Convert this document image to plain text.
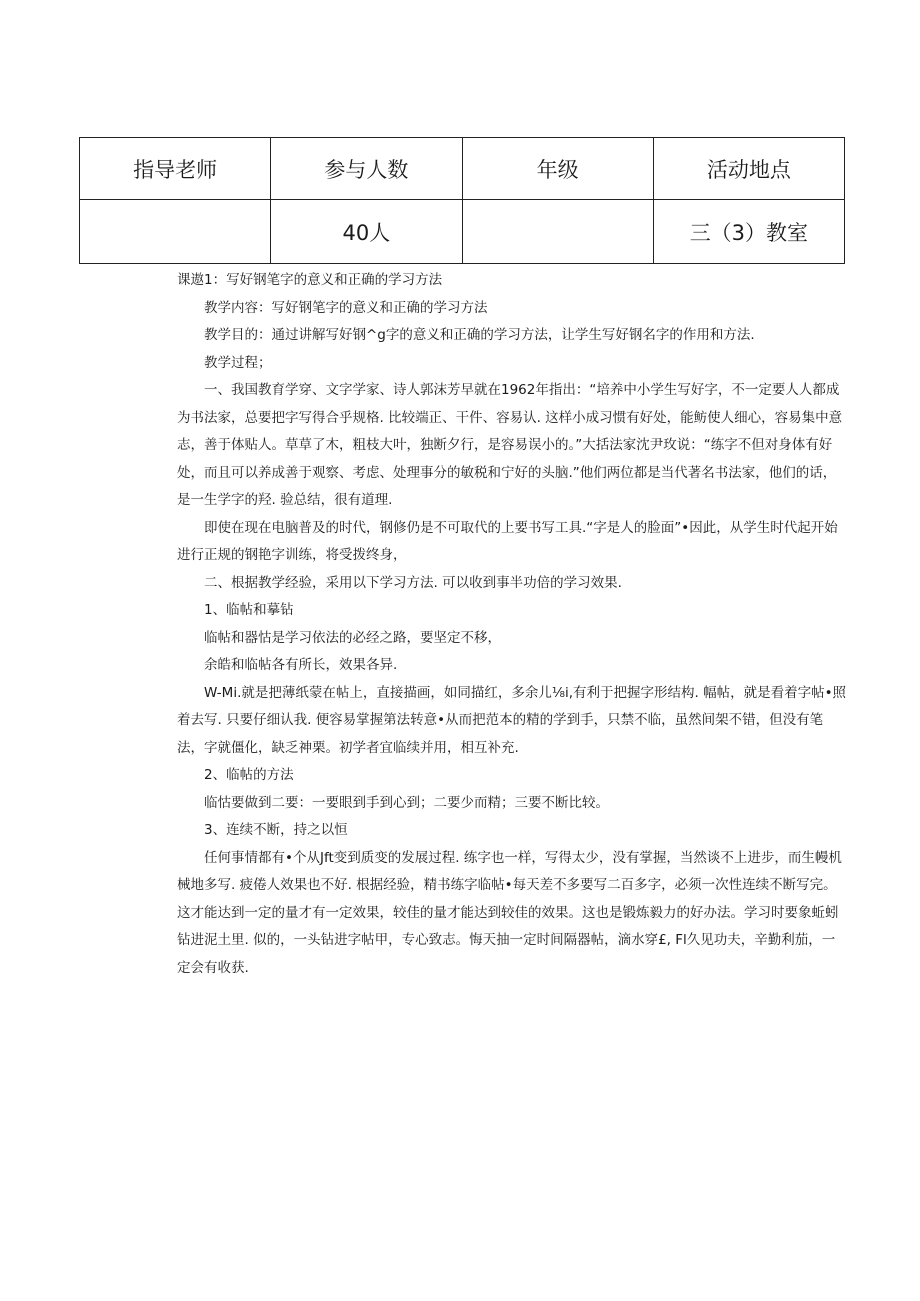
指导老师	参与人数	年级	活动地点
	40人		三（3）教室

课遨1：写好钢笔字的意义和正确的学习方法

教学内容：写好钢笔字的意义和正确的学习方法

教学目的：通过讲解写好钢^g字的意义和正确的学习方法，让学生写好钢名字的作用和方法.

教学过程；

一、我国教育学穿、文字学家、诗人郭沫芳早就在1962年指出：“培养中小学生写好字，不一定要人人都成为书法家，总要把字写得合乎规格. 比较端正、干件、容易认. 这样小成习惯有好处，能鲂使人细心，容易集中意志，善于体贴人。草草了木，粗枝大叶，独断夕行，是容易误小的。”大括法家沈尹玫说：“练字不但对身体有好处，而且可以养成善于观察、考虑、处理事分的敏税和宁好的头脑.”他们两位都是当代著名书法家，他们的话，是一生学字的羟. 验总结，很有道理.

即使在现在电脑普及的时代，钢修仍是不可取代的上要书写工具.“字是人的脸面”•因此，从学生时代起开始进行正规的钢艳字训练，将受拨终身，

二、根据教学经验，采用以下学习方法. 可以收到事半功倍的学习效果.

1、临帖和摹钻

临帖和器怙是学习依法的必经之路，要坚定不移，

余皓和临帖各有所长，效果各异.

W-Mi.就是把薄纸蒙在帖上，直接描画，如同描红，多余儿⅛i,有利于把握字形结构. 幅帖，就是看着字帖•照着去写. 只要仔细认我. 便容易掌握第法转意•从而把范本的精的学到手，只禁不临，虽然间架不错，但没有笔法，字就僵化，缺乏神栗。初学者宜临续并用，相互补充.

2、临帖的方法

临怙要做到二要：一要眼到手到心到；二要少而精；三要不断比较。

3、连续不断，持之以恒

任何事情都有•个从Jft变到质变的发展过程. 练字也一样，写得太少，没有掌握，当然谈不上进步，而生幔机械地多写. 疲倦人效果也不好. 根据经验，精书练字临帖•每天差不多要写二百多字，必须一次性连续不断写完。这才能达到一定的量才有一定效果，较佳的量才能达到较佳的效果。这也是锻炼毅力的好办法。学习时要象蚯蚓钻进泥土里. 似的，一头钻进字帖甲，专心致志。悔天抽一定时间隔器帖，滴水穿£, Fl久见功夫，辛勤利茄，一定会有收获.
